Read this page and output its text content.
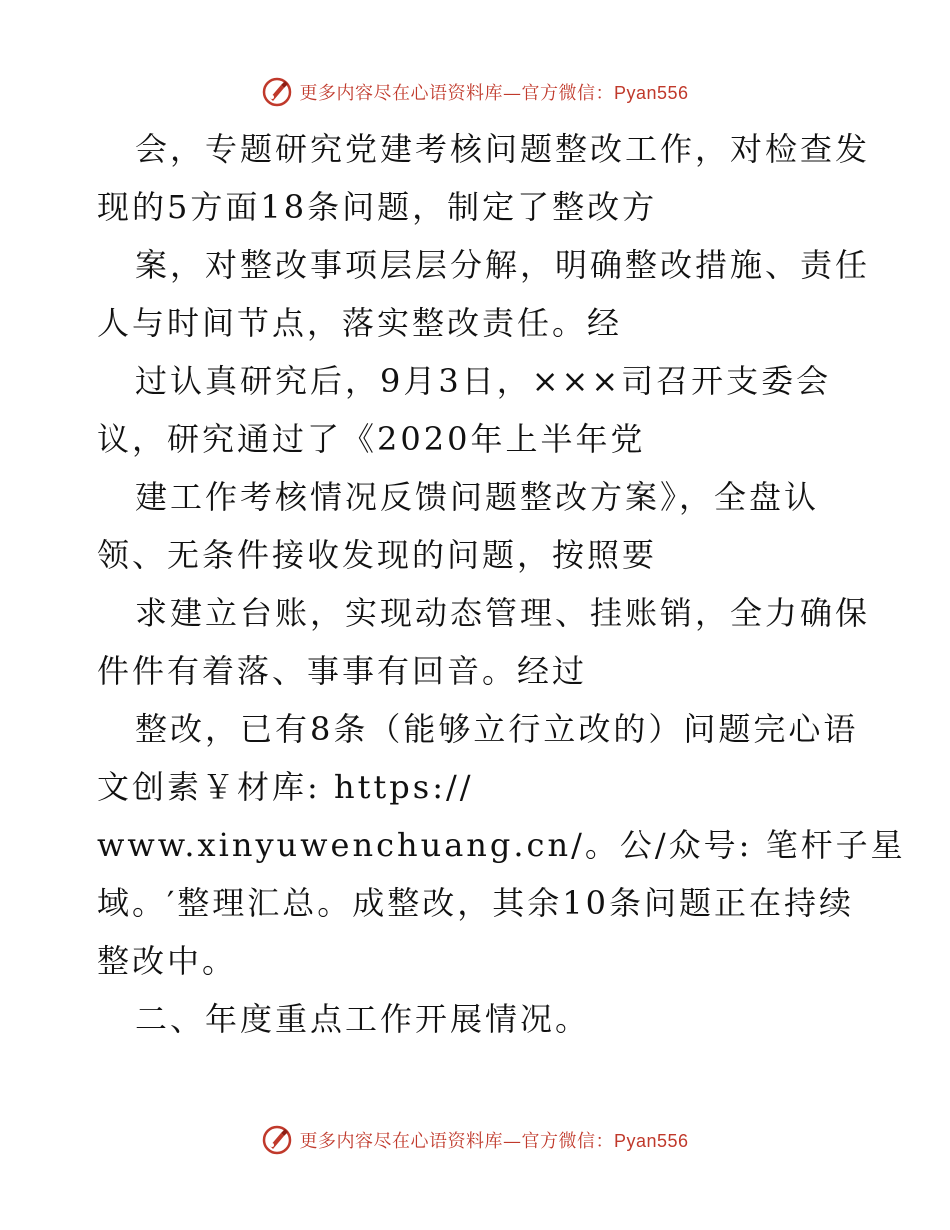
更多内容尽在心语资料库—官方微信：Pyan556
会，专题研究党建考核问题整改工作，对检查发
现的5方面18条问题，制定了整改方
案，对整改事项层层分解，明确整改措施、责任
人与时间节点，落实整改责任。经
过认真研究后，9月3日，×××司召开支委会
议，研究通过了《2020年上半年党
建工作考核情况反馈问题整改方案》，全盘认
领、无条件接收发现的问题，按照要
求建立台账，实现动态管理、挂账销，全力确保
件件有着落、事事有回音。经过
整改，已有8条（能够立行立改的）问题完心语
文创素￥材库: https://
www.xinyuwenchuang.cn/。公/众号: 笔杆子星
域。′整理汇总。成整改，其余10条问题正在持续
整改中。
二、年度重点工作开展情况。
更多内容尽在心语资料库—官方微信：Pyan556
